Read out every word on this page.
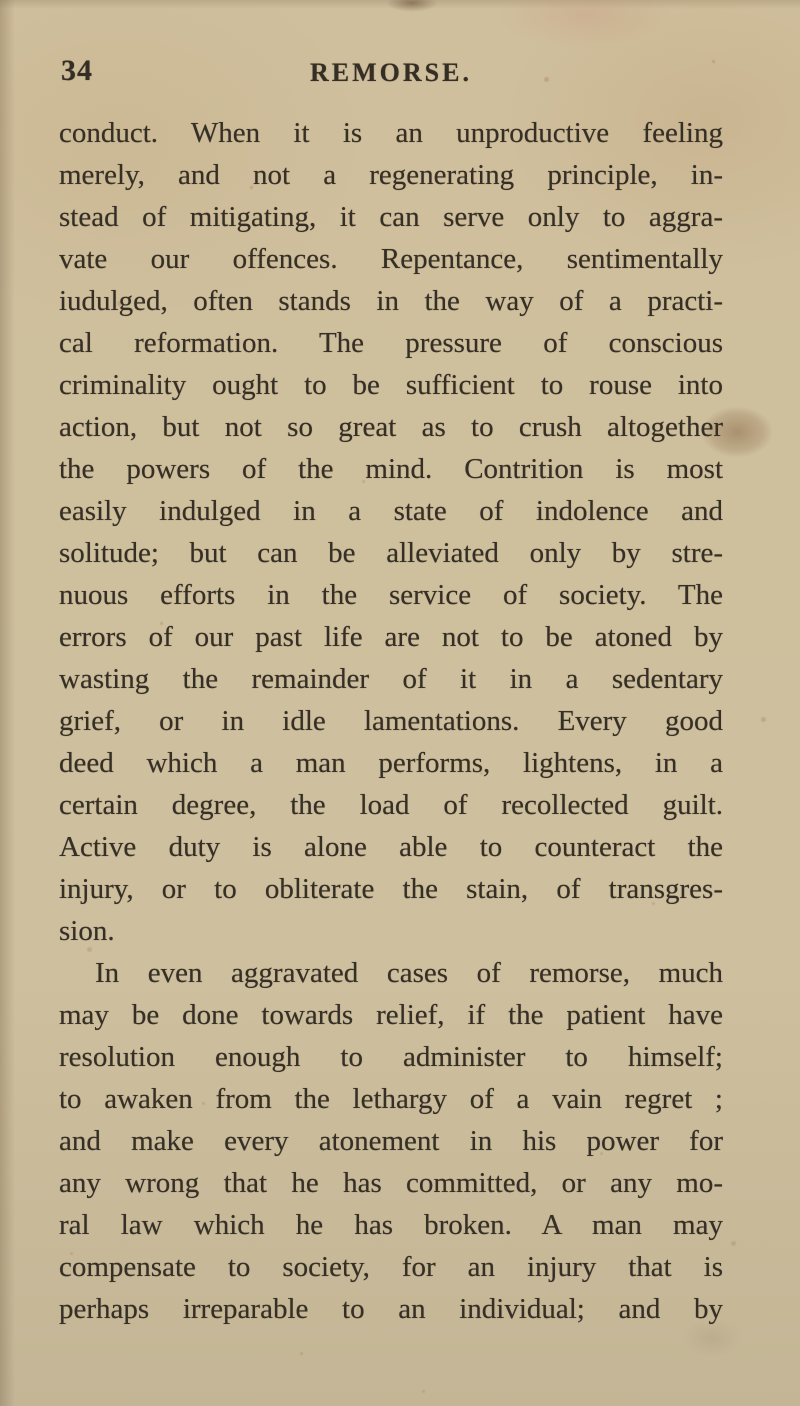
34	REMORSE.
conduct. When it is an unproductive feeling
merely, and not a regenerating principle, in-
stead of mitigating, it can serve only to aggra-
vate our offences. Repentance, sentimentally
iudulged, often stands in the way of a practi-
cal reformation. The pressure of conscious
criminality ought to be sufficient to rouse into
action, but not so great as to crush altogether
the powers of the mind. Contrition is most
easily indulged in a state of indolence and
solitude; but can be alleviated only by stre-
nuous efforts in the service of society. The
errors of our past life are not to be atoned by
wasting the remainder of it in a sedentary
grief, or in idle lamentations. Every good
deed which a man performs, lightens, in a
certain degree, the load of recollected guilt.
Active duty is alone able to counteract the
injury, or to obliterate the stain, of transgres-
sion.
In even aggravated cases of remorse, much
may be done towards relief, if the patient have
resolution enough to administer to himself;
to awaken from the lethargy of a vain regret ;
and make every atonement in his power for
any wrong that he has committed, or any mo-
ral law which he has broken. A man may
compensate to society, for an injury that is
perhaps irreparable to an individual; and by
